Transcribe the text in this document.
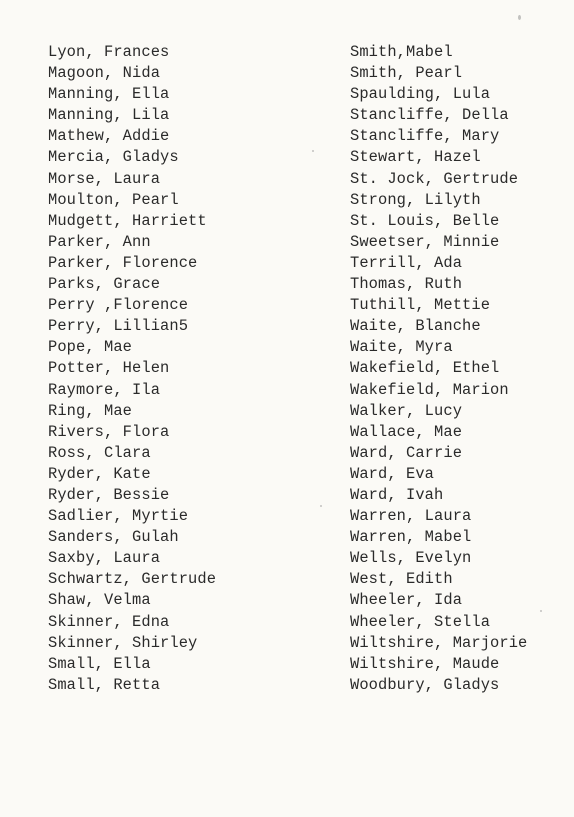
Lyon, Frances
Magoon, Nida
Manning, Ella
Manning, Lila
Mathew, Addie
Mercia, Gladys
Morse, Laura
Moulton, Pearl
Mudgett, Harriett
Parker, Ann
Parker, Florence
Parks, Grace
Perry ,Florence
Perry, Lillian5
Pope, Mae
Potter, Helen
Raymore, Ila
Ring, Mae
Rivers, Flora
Ross, Clara
Ryder, Kate
Ryder, Bessie
Sadlier, Myrtie
Sanders, Gulah
Saxby, Laura
Schwartz, Gertrude
Shaw, Velma
Skinner, Edna
Skinner, Shirley
Small, Ella
Small, Retta
Smith,Mabel
Smith, Pearl
Spaulding, Lula
Stancliffe, Della
Stancliffe, Mary
Stewart, Hazel
St. Jock, Gertrude
Strong, Lilyth
St. Louis, Belle
Sweetser, Minnie
Terrill, Ada
Thomas, Ruth
Tuthill, Mettie
Waite, Blanche
Waite, Myra
Wakefield, Ethel
Wakefield, Marion
Walker, Lucy
Wallace, Mae
Ward, Carrie
Ward, Eva
Ward, Ivah
Warren, Laura
Warren, Mabel
Wells, Evelyn
West, Edith
Wheeler, Ida
Wheeler, Stella
Wiltshire, Marjorie
Wiltshire, Maude
Woodbury, Gladys
